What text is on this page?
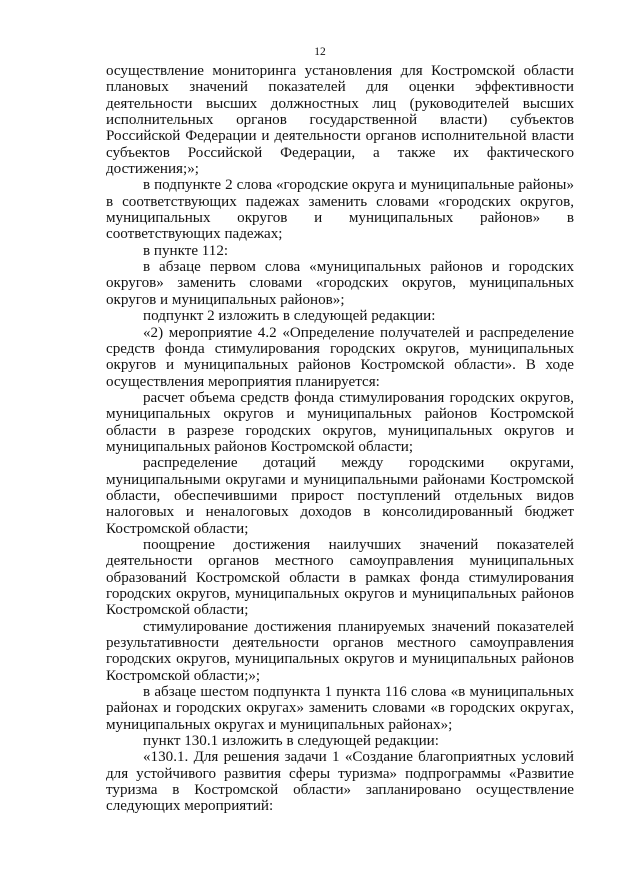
12

осуществление мониторинга установления для Костромской области плановых значений показателей для оценки эффективности деятельности высших должностных лиц (руководителей высших исполнительных органов государственной власти) субъектов Российской Федерации и деятельности органов исполнительной власти субъектов Российской Федерации, а также их фактического достижения;»;

в подпункте 2 слова «городские округа и муниципальные районы» в соответствующих падежах заменить словами «городских округов, муниципальных округов и муниципальных районов» в соответствующих падежах;

в пункте 112:

в абзаце первом слова «муниципальных районов и городских округов» заменить словами «городских округов, муниципальных округов и муниципальных районов»;

подпункт 2 изложить в следующей редакции:

«2) мероприятие 4.2 «Определение получателей и распределение средств фонда стимулирования городских округов, муниципальных округов и муниципальных районов Костромской области». В ходе осуществления мероприятия планируется:

расчет объема средств фонда стимулирования городских округов, муниципальных округов и муниципальных районов Костромской области в разрезе городских округов, муниципальных округов и муниципальных районов Костромской области;

распределение дотаций между городскими округами, муниципальными округами и муниципальными районами Костромской области, обеспечившими прирост поступлений отдельных видов налоговых и неналоговых доходов в консолидированный бюджет Костромской области;

поощрение достижения наилучших значений показателей деятельности органов местного самоуправления муниципальных образований Костромской области в рамках фонда стимулирования городских округов, муниципальных округов и муниципальных районов Костромской области;

стимулирование достижения планируемых значений показателей результативности деятельности органов местного самоуправления городских округов, муниципальных округов и муниципальных районов Костромской области;»;

в абзаце шестом подпункта 1 пункта 116 слова «в муниципальных районах и городских округах» заменить словами «в городских округах, муниципальных округах и муниципальных районах»;

пункт 130.1 изложить в следующей редакции:

«130.1. Для решения задачи 1 «Создание благоприятных условий для устойчивого развития сферы туризма» подпрограммы «Развитие туризма в Костромской области» запланировано осуществление следующих мероприятий:
